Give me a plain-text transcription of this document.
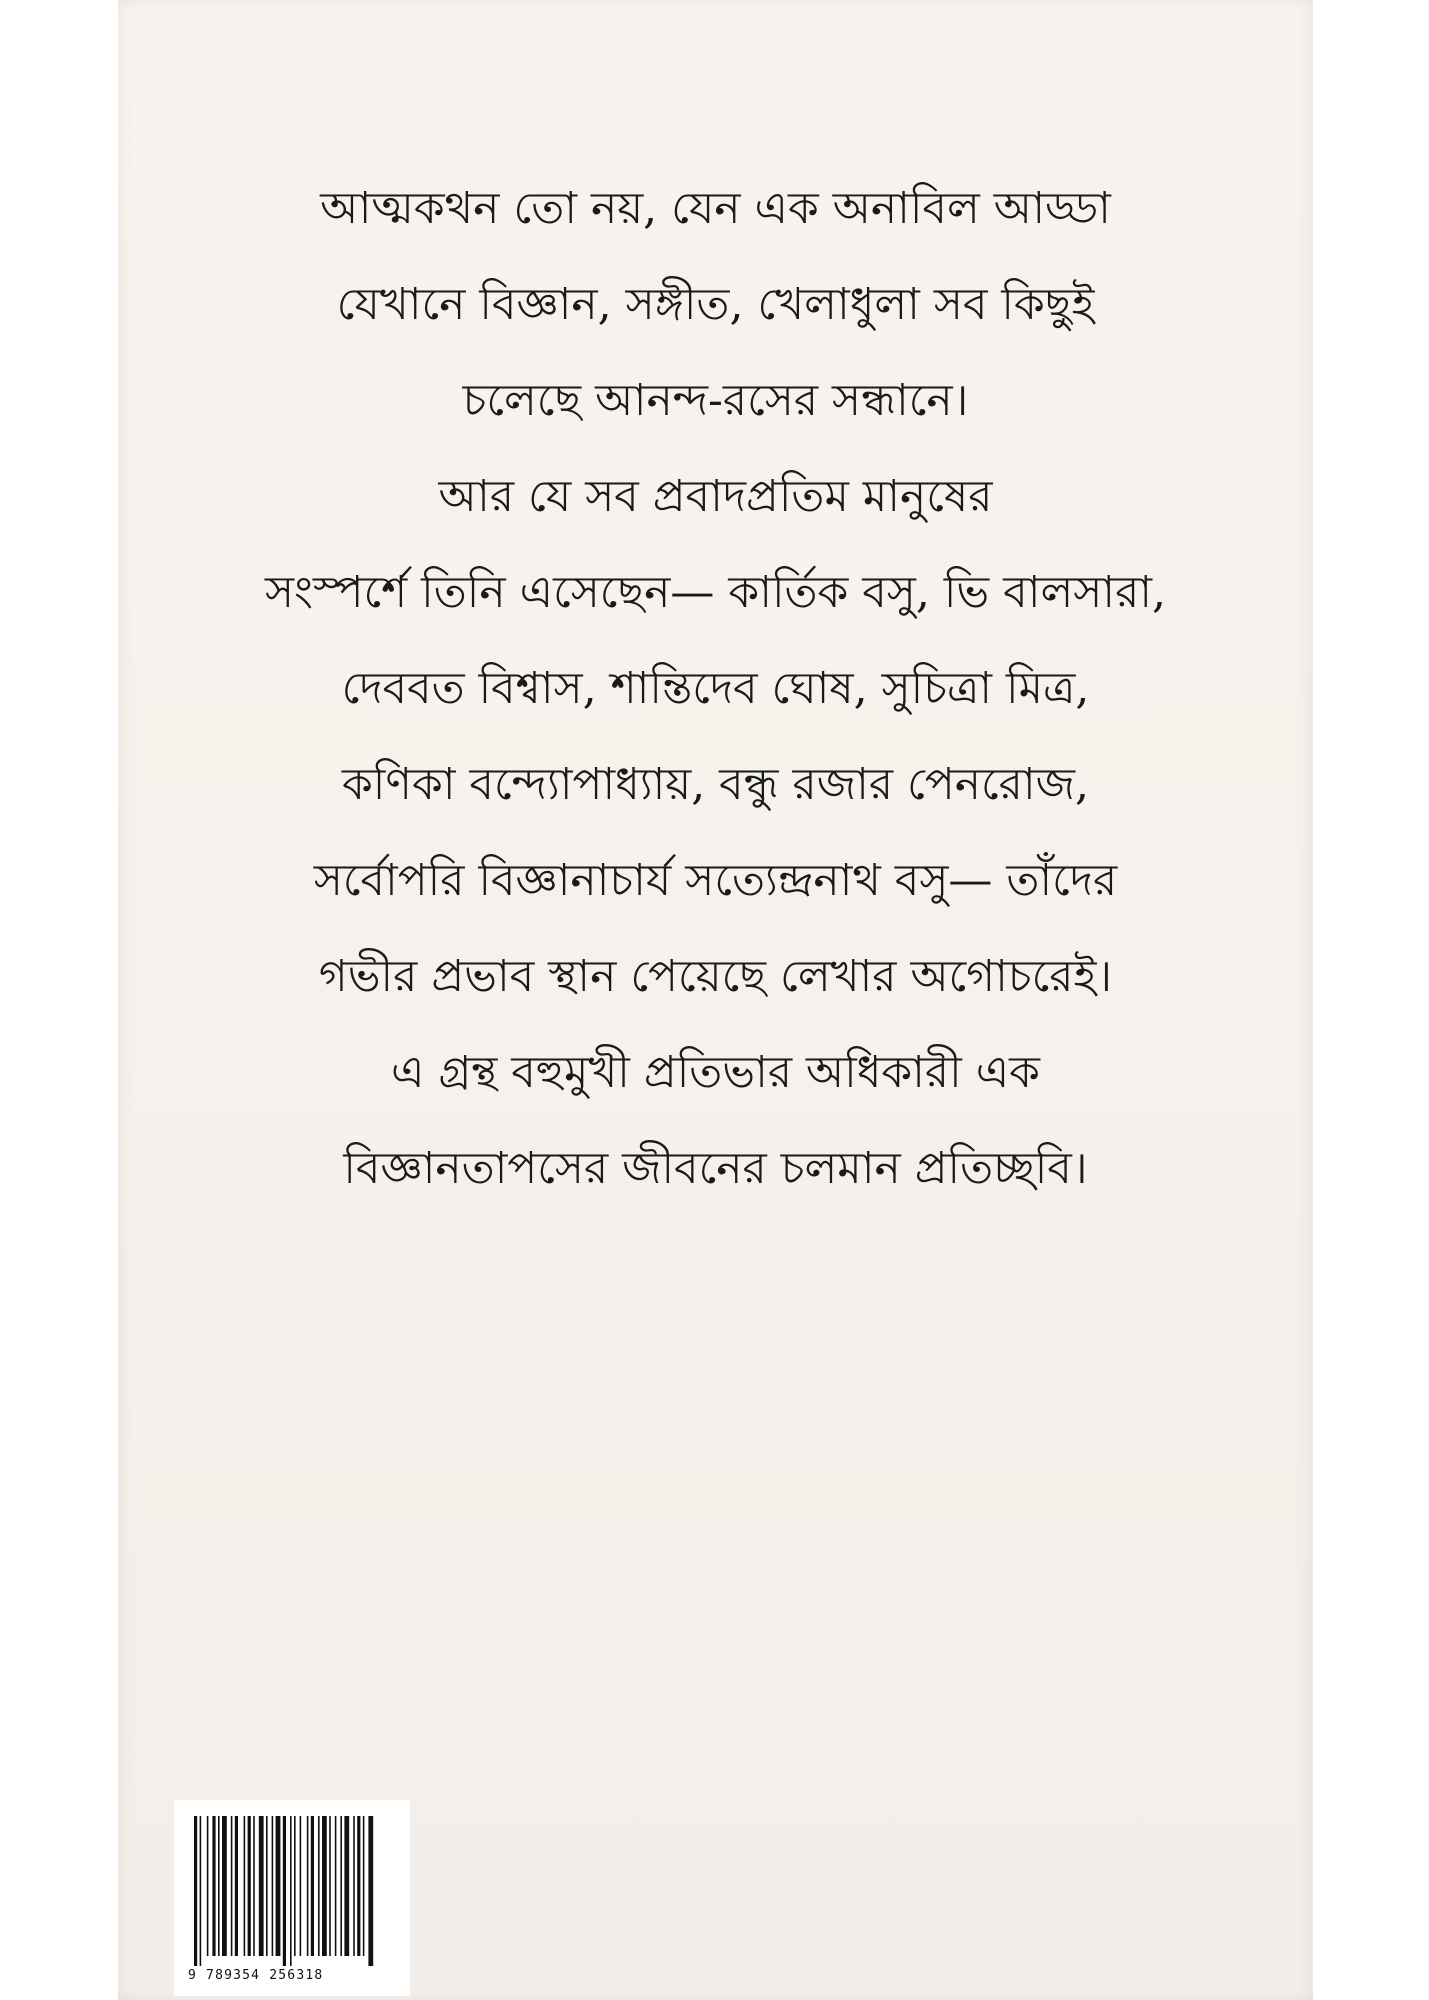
আত্মকথন তো নয়, যেন এক অনাবিল আড্ডা
যেখানে বিজ্ঞান, সঙ্গীত, খেলাধুলা সব কিছুই
চলেছে আনন্দ-রসের সন্ধানে।
আর যে সব প্রবাদপ্রতিম মানুষের
সংস্পর্শে তিনি এসেছেন— কার্তিক বসু, ভি বালসারা,
দেববত বিশ্বাস, শান্তিদেব ঘোষ, সুচিত্রা মিত্র,
কণিকা বন্দ্যোপাধ্যায়, বন্ধু রজার পেনরোজ,
সর্বোপরি বিজ্ঞানাচার্য সত্যেন্দ্রনাথ বসু— তাঁদের
গভীর প্রভাব স্থান পেয়েছে লেখার অগোচরেই।
এ গ্রন্থ বহুমুখী প্রতিভার অধিকারী এক
বিজ্ঞানতাপসের জীবনের চলমান প্রতিচ্ছবি।
9 789354 256318
